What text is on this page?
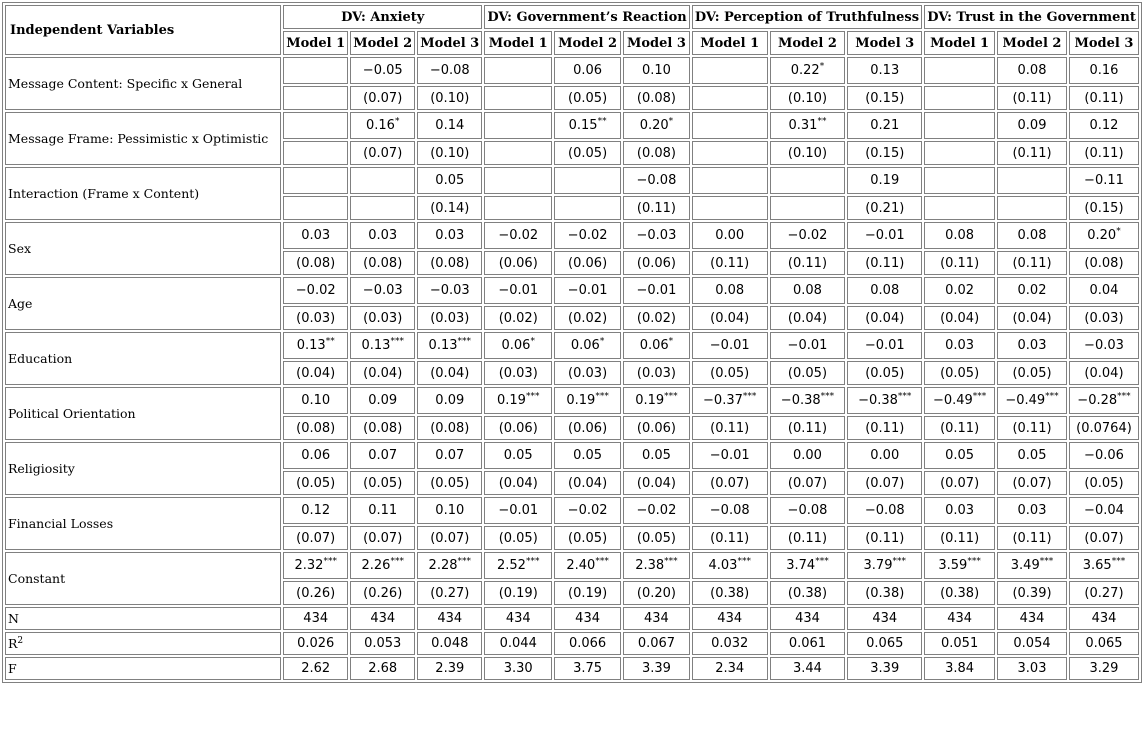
Independent Variables	DV: Anxiety			DV: Government’s Reaction			DV: Perception of Truthfulness			DV: Trust in the Government		
	Model 1	Model 2	Model 3	Model 1	Model 2	Model 3	Model 1	Model 2	Model 3	Model 1	Model 2	Model 3
Message Content: Specific x General		−0.05	−0.08		0.06	0.10		0.22*	0.13		0.08	0.16
		(0.07)	(0.10)		(0.05)	(0.08)		(0.10)	(0.15)		(0.11)	(0.11)
Message Frame: Pessimistic x Optimistic		0.16*	0.14		0.15**	0.20*		0.31**	0.21		0.09	0.12
		(0.07)	(0.10)		(0.05)	(0.08)		(0.10)	(0.15)		(0.11)	(0.11)
Interaction (Frame x Content)			0.05			−0.08			0.19			−0.11
			(0.14)			(0.11)			(0.21)			(0.15)
Sex	0.03	0.03	0.03	−0.02	−0.02	−0.03	0.00	−0.02	−0.01	0.08	0.08	0.20*
	(0.08)	(0.08)	(0.08)	(0.06)	(0.06)	(0.06)	(0.11)	(0.11)	(0.11)	(0.11)	(0.11)	(0.08)
Age	−0.02	−0.03	−0.03	−0.01	−0.01	−0.01	0.08	0.08	0.08	0.02	0.02	0.04
	(0.03)	(0.03)	(0.03)	(0.02)	(0.02)	(0.02)	(0.04)	(0.04)	(0.04)	(0.04)	(0.04)	(0.03)
Education	0.13**	0.13***	0.13***	0.06*	0.06*	0.06*	−0.01	−0.01	−0.01	0.03	0.03	−0.03
	(0.04)	(0.04)	(0.04)	(0.03)	(0.03)	(0.03)	(0.05)	(0.05)	(0.05)	(0.05)	(0.05)	(0.04)
Political Orientation	0.10	0.09	0.09	0.19***	0.19***	0.19***	−0.37***	−0.38***	−0.38***	−0.49***	−0.49***	−0.28***
	(0.08)	(0.08)	(0.08)	(0.06)	(0.06)	(0.06)	(0.11)	(0.11)	(0.11)	(0.11)	(0.11)	(0.0764)
Religiosity	0.06	0.07	0.07	0.05	0.05	0.05	−0.01	0.00	0.00	0.05	0.05	−0.06
	(0.05)	(0.05)	(0.05)	(0.04)	(0.04)	(0.04)	(0.07)	(0.07)	(0.07)	(0.07)	(0.07)	(0.05)
Financial Losses	0.12	0.11	0.10	−0.01	−0.02	−0.02	−0.08	−0.08	−0.08	0.03	0.03	−0.04
	(0.07)	(0.07)	(0.07)	(0.05)	(0.05)	(0.05)	(0.11)	(0.11)	(0.11)	(0.11)	(0.11)	(0.07)
Constant	2.32***	2.26***	2.28***	2.52***	2.40***	2.38***	4.03***	3.74***	3.79***	3.59***	3.49***	3.65***
	(0.26)	(0.26)	(0.27)	(0.19)	(0.19)	(0.20)	(0.38)	(0.38)	(0.38)	(0.38)	(0.39)	(0.27)
N	434	434	434	434	434	434	434	434	434	434	434	434
$R^2$	0.026	0.053	0.048	0.044	0.066	0.067	0.032	0.061	0.065	0.051	0.054	0.065
F	2.62	2.68	2.39	3.30	3.75	3.39	2.34	3.44	3.39	3.84	3.03	3.29
